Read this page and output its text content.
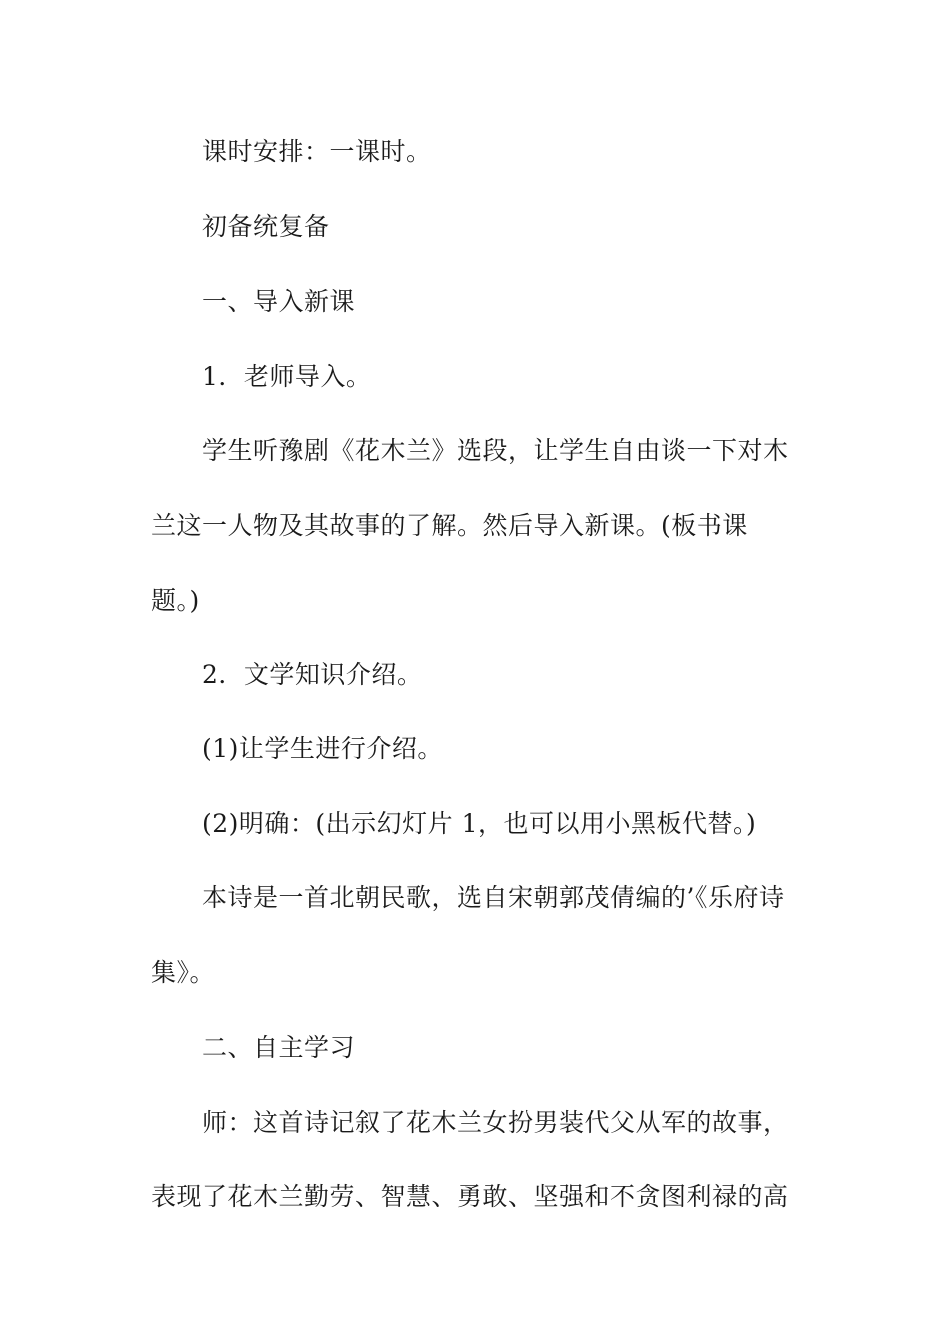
课时安排：一课时。
初备统复备
一、导入新课
1．老师导入。
学生听豫剧《花木兰》选段，让学生自由谈一下对木
兰这一人物及其故事的了解。然后导入新课。(板书课
题。)
2．文学知识介绍。
(1)让学生进行介绍。
(2)明确：(出示幻灯片 1，也可以用小黑板代替。)
本诗是一首北朝民歌，选自宋朝郭茂倩编的’《乐府诗
集》。
二、自主学习
师：这首诗记叙了花木兰女扮男装代父从军的故事，
表现了花木兰勤劳、智慧、勇敢、坚强和不贪图利禄的高
